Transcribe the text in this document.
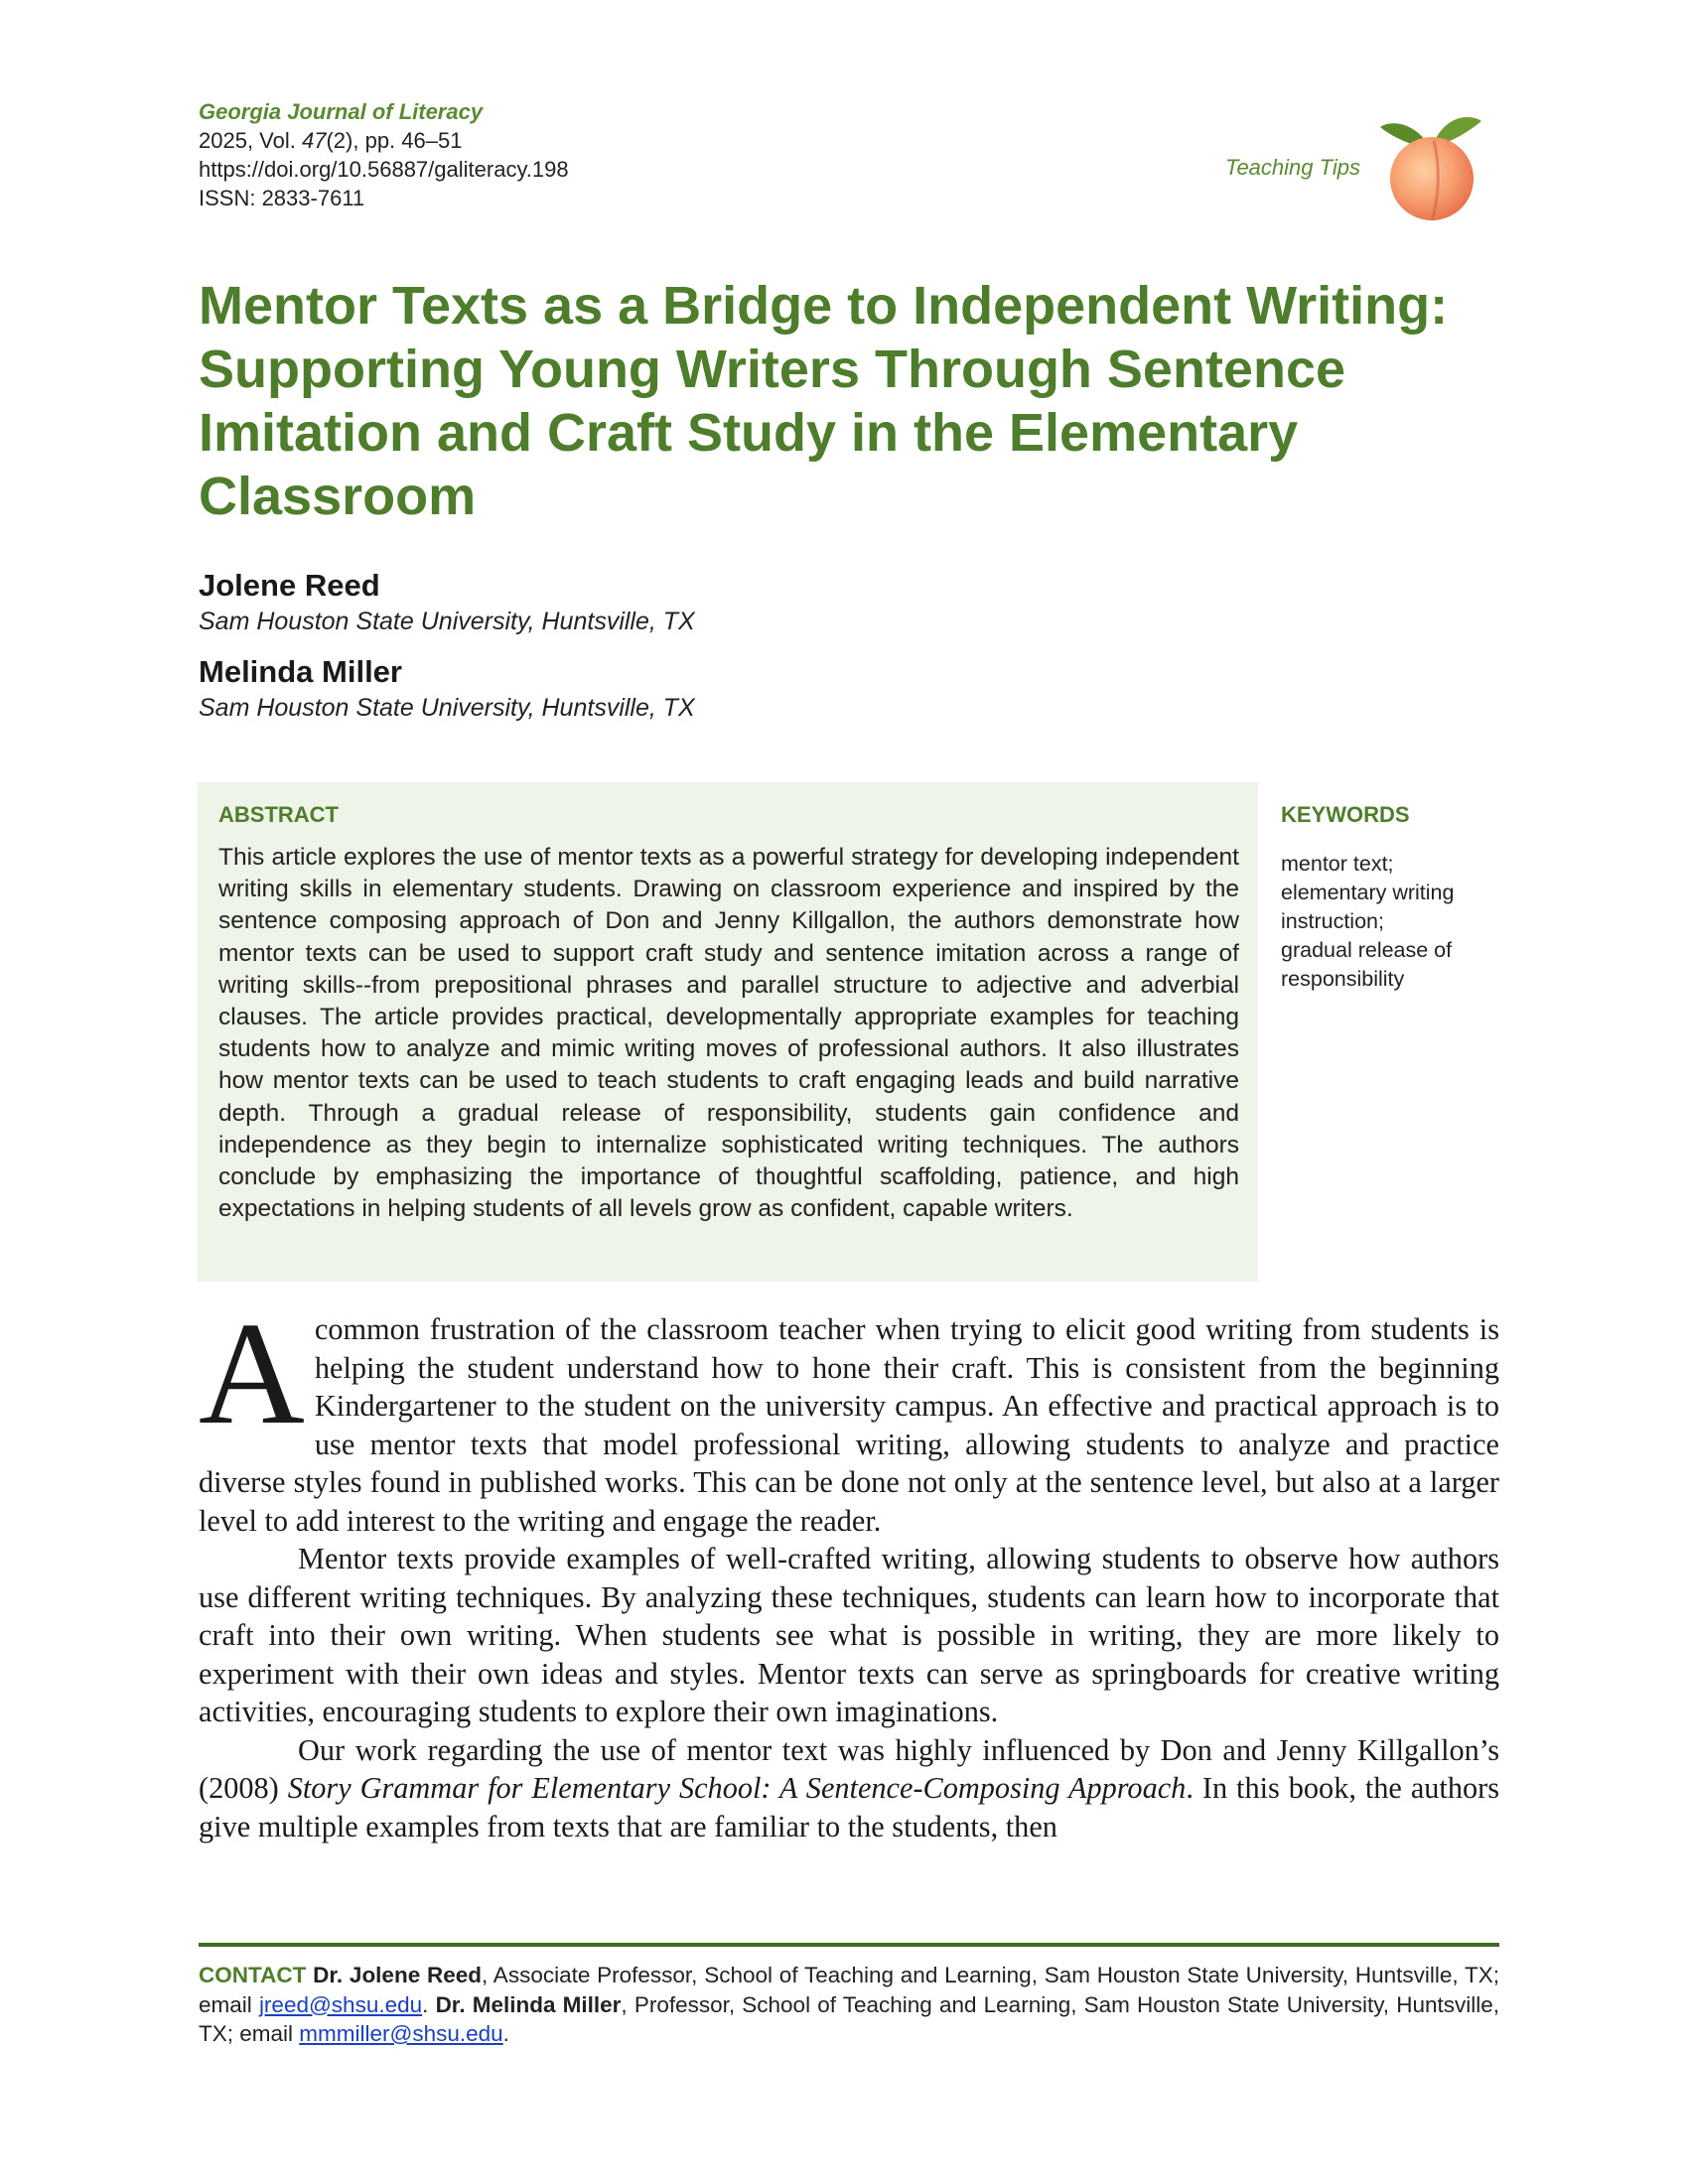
Georgia Journal of Literacy
2025, Vol. 47(2), pp. 46–51
https://doi.org/10.56887/galiteracy.198
ISSN: 2833-7611
Teaching Tips
Mentor Texts as a Bridge to Independent Writing: Supporting Young Writers Through Sentence Imitation and Craft Study in the Elementary Classroom
Jolene Reed
Sam Houston State University, Huntsville, TX
Melinda Miller
Sam Houston State University, Huntsville, TX
ABSTRACT

This article explores the use of mentor texts as a powerful strategy for developing independent writing skills in elementary students. Drawing on classroom experience and inspired by the sentence composing approach of Don and Jenny Killgallon, the authors demonstrate how mentor texts can be used to support craft study and sentence imitation across a range of writing skills--from prepositional phrases and parallel structure to adjective and adverbial clauses. The article provides practical, developmentally appropriate examples for teaching students how to analyze and mimic writing moves of professional authors. It also illustrates how mentor texts can be used to teach students to craft engaging leads and build narrative depth. Through a gradual release of responsibility, students gain confidence and independence as they begin to internalize sophisticated writing techniques. The authors conclude by emphasizing the importance of thoughtful scaffolding, patience, and high expectations in helping students of all levels grow as confident, capable writers.

KEYWORDS
mentor text;
elementary writing instruction;
gradual release of responsibility

A common frustration of the classroom teacher when trying to elicit good writing from students is helping the student understand how to hone their craft. This is consistent from the beginning Kindergartener to the student on the university campus. An effective and practical approach is to use mentor texts that model professional writing, allowing students to analyze and practice diverse styles found in published works. This can be done not only at the sentence level, but also at a larger level to add interest to the writing and engage the reader.

Mentor texts provide examples of well-crafted writing, allowing students to observe how authors use different writing techniques. By analyzing these techniques, students can learn how to incorporate that craft into their own writing. When students see what is possible in writing, they are more likely to experiment with their own ideas and styles. Mentor texts can serve as springboards for creative writing activities, encouraging students to explore their own imaginations.

Our work regarding the use of mentor text was highly influenced by Don and Jenny Killgallon’s (2008) Story Grammar for Elementary School: A Sentence-Composing Approach. In this book, the authors give multiple examples from texts that are familiar to the students, then

CONTACT Dr. Jolene Reed, Associate Professor, School of Teaching and Learning, Sam Houston State University, Huntsville, TX; email jreed@shsu.edu. Dr. Melinda Miller, Professor, School of Teaching and Learning, Sam Houston State University, Huntsville, TX; email mmmiller@shsu.edu.
